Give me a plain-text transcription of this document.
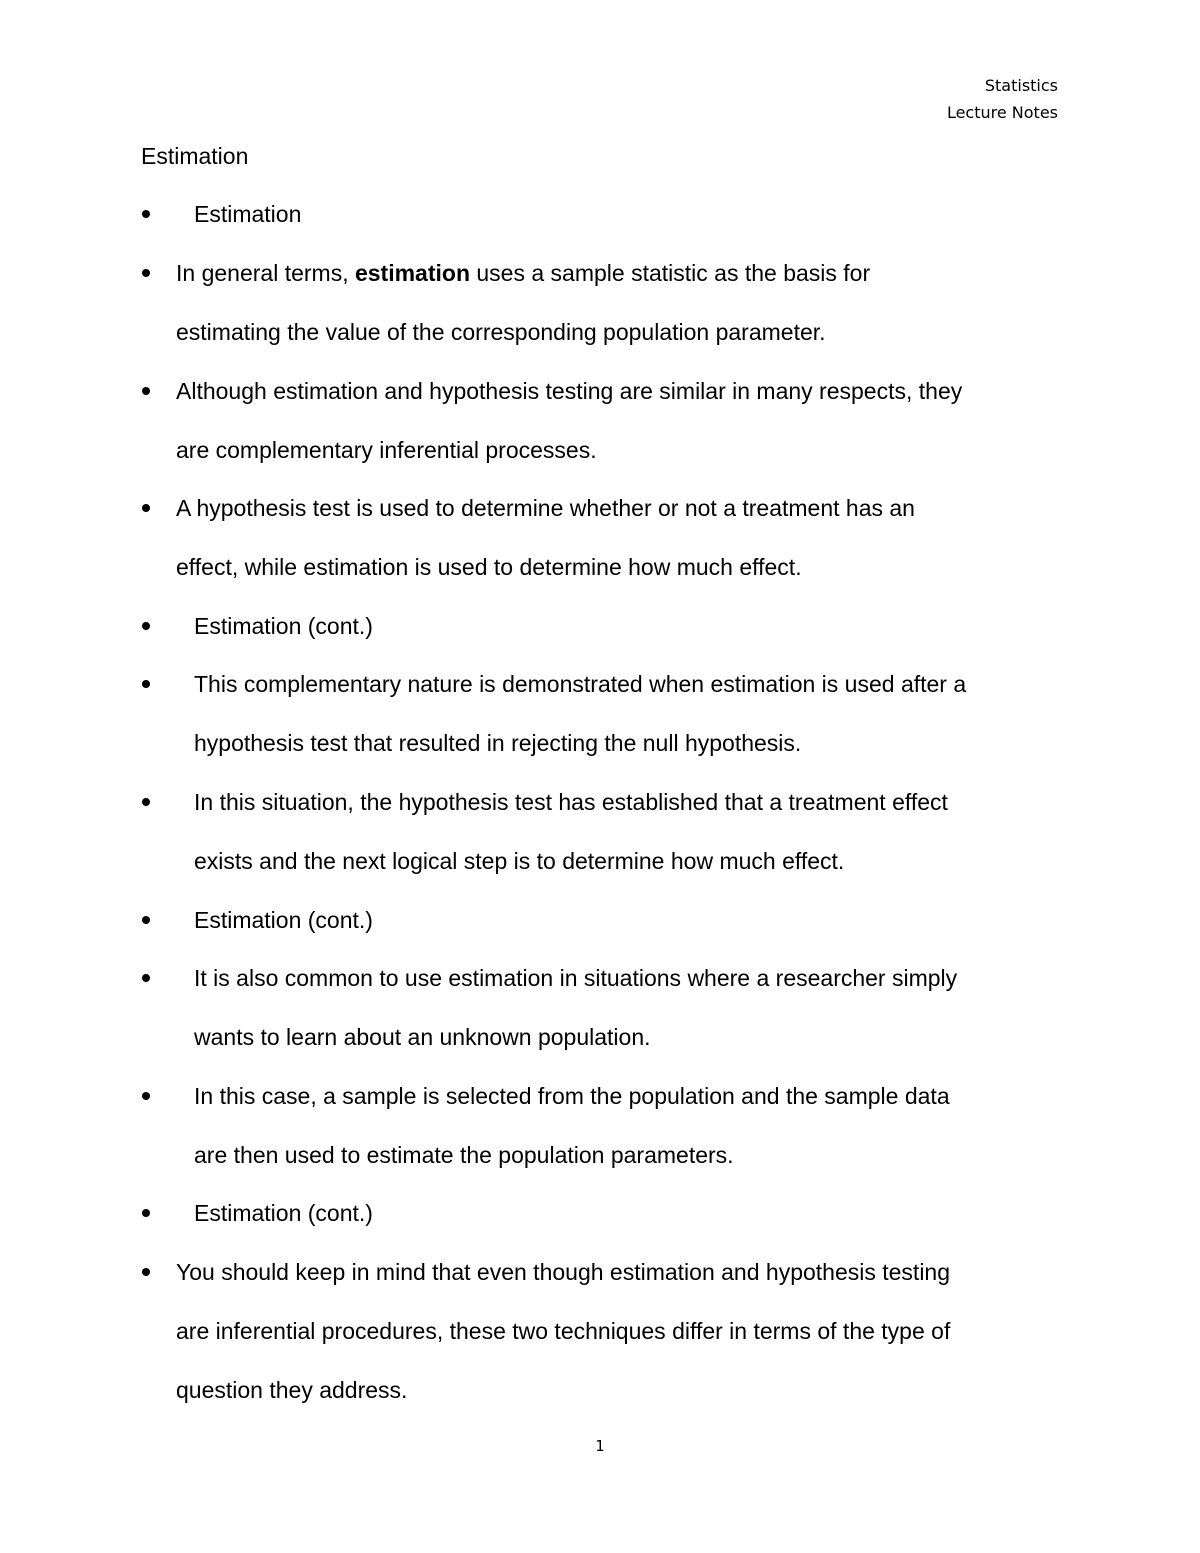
Statistics
Lecture Notes
Estimation
Estimation
In general terms, estimation uses a sample statistic as the basis for
estimating the value of the corresponding population parameter.
Although estimation and hypothesis testing are similar in many respects, they
are complementary inferential processes.
A hypothesis test is used to determine whether or not a treatment has an
effect, while estimation is used to determine how much effect.
Estimation (cont.)
This complementary nature is demonstrated when estimation is used after a
hypothesis test that resulted in rejecting the null hypothesis.
In this situation, the hypothesis test has established that a treatment effect
exists and the next logical step is to determine how much effect.
Estimation (cont.)
It is also common to use estimation in situations where a researcher simply
wants to learn about an unknown population.
In this case, a sample is selected from the population and the sample data
are then used to estimate the population parameters.
Estimation (cont.)
You should keep in mind that even though estimation and hypothesis testing
are inferential procedures, these two techniques differ in terms of the type of
question they address.
1
